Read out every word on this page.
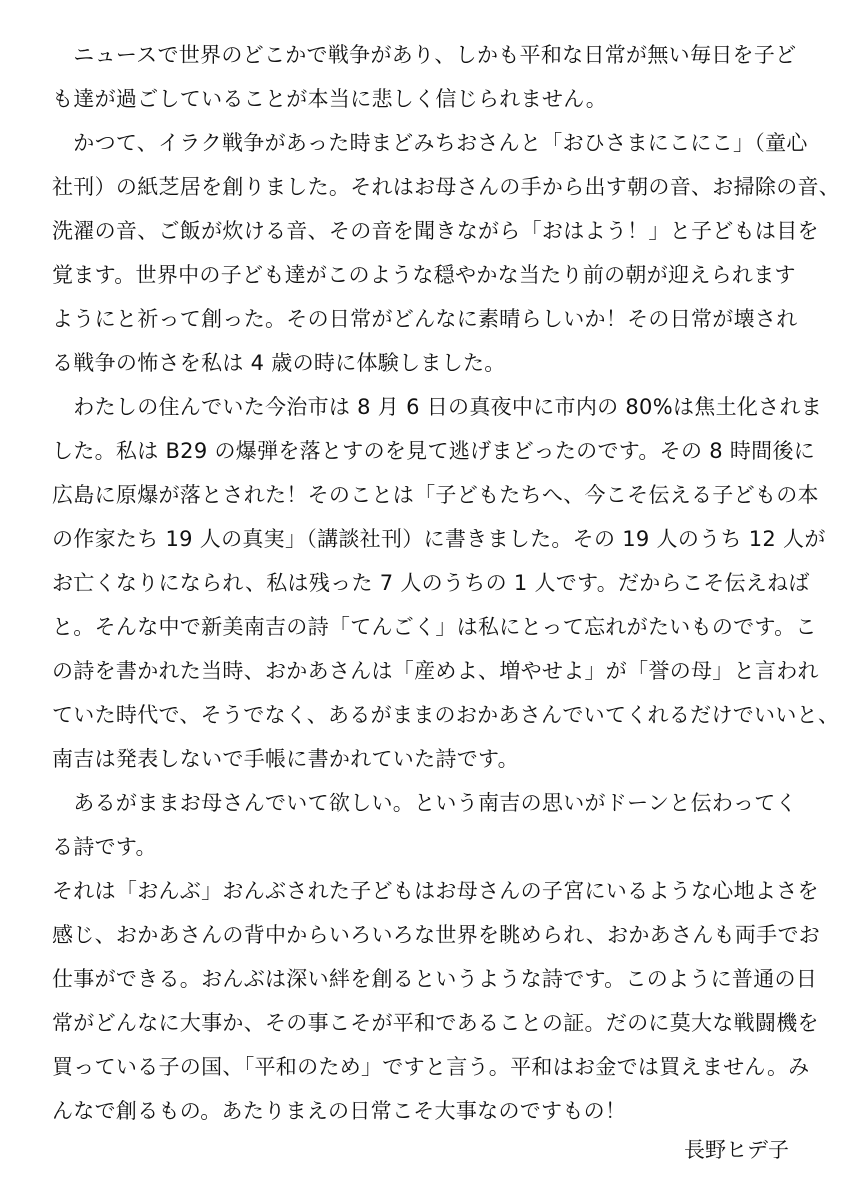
　ニュースで世界のどこかで戦争があり、しかも平和な日常が無い毎日を子ど
も達が過ごしていることが本当に悲しく信じられません。
　かつて、イラク戦争があった時まどみちおさんと「おひさまにこにこ」（童心
社刊）の紙芝居を創りました。それはお母さんの手から出す朝の音、お掃除の音、
洗濯の音、ご飯が炊ける音、その音を聞きながら「おはよう！」と子どもは目を
覚ます。世界中の子ども達がこのような穏やかな当たり前の朝が迎えられます
ようにと祈って創った。その日常がどんなに素晴らしいか！その日常が壊され
る戦争の怖さを私は 4 歳の時に体験しました。
　わたしの住んでいた今治市は 8 月 6 日の真夜中に市内の 80%は焦土化されま
した。私は B29 の爆弾を落とすのを見て逃げまどったのです。その 8 時間後に
広島に原爆が落とされた！そのことは「子どもたちへ、今こそ伝える子どもの本
の作家たち 19 人の真実」（講談社刊）に書きました。その 19 人のうち 12 人が
お亡くなりになられ、私は残った 7 人のうちの 1 人です。だからこそ伝えねば
と。そんな中で新美南吉の詩「てんごく」は私にとって忘れがたいものです。こ
の詩を書かれた当時、おかあさんは「産めよ、増やせよ」が「誉の母」と言われ
ていた時代で、そうでなく、あるがままのおかあさんでいてくれるだけでいいと、
南吉は発表しないで手帳に書かれていた詩です。
　あるがままお母さんでいて欲しい。という南吉の思いがドーンと伝わってく
る詩です。
それは「おんぶ」おんぶされた子どもはお母さんの子宮にいるような心地よさを
感じ、おかあさんの背中からいろいろな世界を眺められ、おかあさんも両手でお
仕事ができる。おんぶは深い絆を創るというような詩です。このように普通の日
常がどんなに大事か、その事こそが平和であることの証。だのに莫大な戦闘機を
買っている子の国、「平和のため」ですと言う。平和はお金では買えません。み
んなで創るもの。あたりまえの日常こそ大事なのですもの！
長野ヒデ子
